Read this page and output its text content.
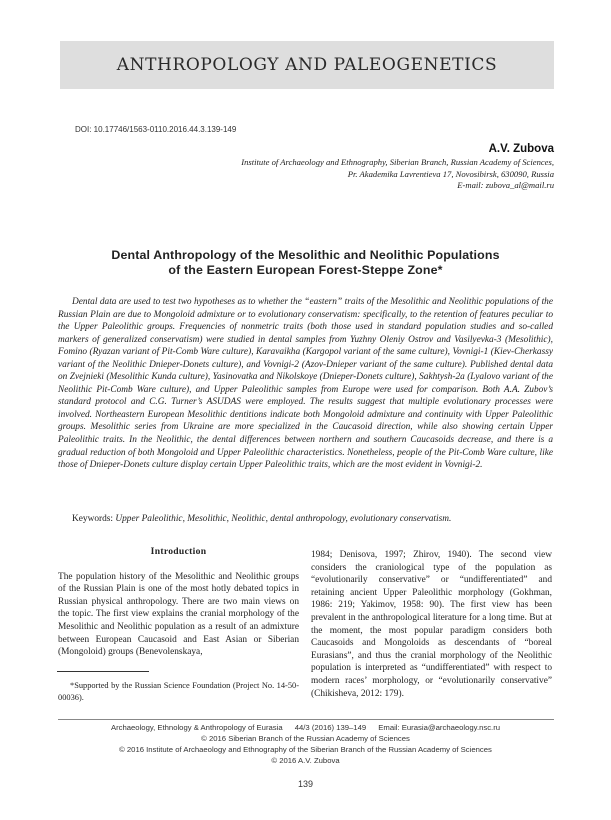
ANTHROPOLOGY AND PALEOGENETICS
DOI: 10.17746/1563-0110.2016.44.3.139-149
A.V. Zubova
Institute of Archaeology and Ethnography, Siberian Branch, Russian Academy of Sciences,
Pr. Akademika Lavrentieva 17, Novosibirsk, 630090, Russia
E-mail: zubova_al@mail.ru
Dental Anthropology of the Mesolithic and Neolithic Populations
of the Eastern European Forest-Steppe Zone*

Dental data are used to test two hypotheses as to whether the “eastern” traits of the Mesolithic and Neolithic populations of the Russian Plain are due to Mongoloid admixture or to evolutionary conservatism: specifically, to the retention of features peculiar to the Upper Paleolithic groups. Frequencies of nonmetric traits (both those used in standard population studies and so-called markers of generalized conservatism) were studied in dental samples from Yuzhny Oleniy Ostrov and Vasilyevka-3 (Mesolithic), Fomino (Ryazan variant of Pit-Comb Ware culture), Karavaikha (Kargopol variant of the same culture), Vovnigi-1 (Kiev-Cherkassy variant of the Neolithic Dnieper-Donets culture), and Vovnigi-2 (Azov-Dnieper variant of the same culture). Published dental data on Zvejnieki (Mesolithic Kunda culture), Yasinovatka and Nikolskoye (Dnieper-Donets culture), Sakhtysh-2a (Lyalovo variant of the Neolithic Pit-Comb Ware culture), and Upper Paleolithic samples from Europe were used for comparison. Both A.A. Zubov’s standard protocol and C.G. Turner’s ASUDAS were employed. The results suggest that multiple evolutionary processes were involved. Northeastern European Mesolithic dentitions indicate both Mongoloid admixture and continuity with Upper Paleolithic groups. Mesolithic series from Ukraine are more specialized in the Caucasoid direction, while also showing certain Upper Paleolithic traits. In the Neolithic, the dental differences between northern and southern Caucasoids decrease, and there is a gradual reduction of both Mongoloid and Upper Paleolithic characteristics. Nonetheless, people of the Pit-Comb Ware culture, like those of Dnieper-Donets culture display certain Upper Paleolithic traits, which are the most evident in Vovnigi-2.

Keywords: Upper Paleolithic, Mesolithic, Neolithic, dental anthropology, evolutionary conservatism.
Introduction

The population history of the Mesolithic and Neolithic groups of the Russian Plain is one of the most hotly debated topics in Russian physical anthropology. There are two main views on the topic. The first view explains the cranial morphology of the Mesolithic and Neolithic population as a result of an admixture between European Caucasoid and East Asian or Siberian (Mongoloid) groups (Benevolenskaya,

*Supported by the Russian Science Foundation (Project No. 14-50-00036).

1984; Denisova, 1997; Zhirov, 1940). The second view considers the craniological type of the population as “evolutionarily conservative” or “undifferentiated” and retaining ancient Upper Paleolithic morphology (Gokhman, 1986: 219; Yakimov, 1958: 90). The first view has been prevalent in the anthropological literature for a long time. But at the moment, the most popular paradigm considers both Caucasoids and Mongoloids as descendants of “boreal Eurasians”, and thus the cranial morphology of the Neolithic population is interpreted as “undifferentiated” with respect to modern races’ morphology, or “evolutionarily conservative” (Chikisheva, 2012: 179).

Archaeology, Ethnology & Anthropology of Eurasia 44/3 (2016) 139–149 Email: Eurasia@archaeology.nsc.ru
© 2016 Siberian Branch of the Russian Academy of Sciences
© 2016 Institute of Archaeology and Ethnography of the Siberian Branch of the Russian Academy of Sciences
© 2016 A.V. Zubova
139
